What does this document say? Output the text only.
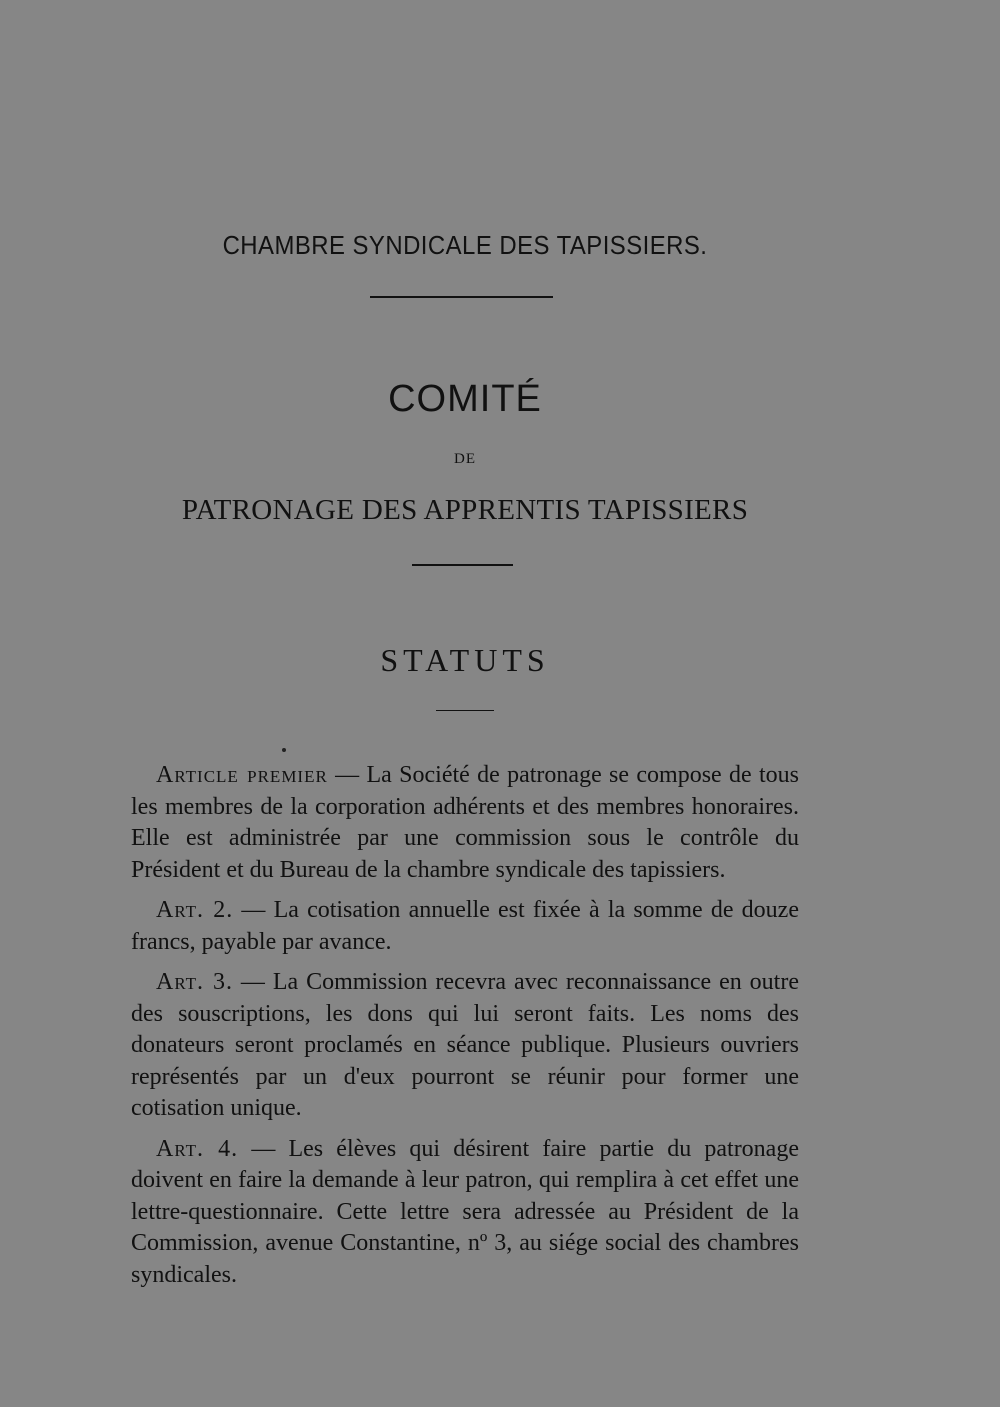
CHAMBRE SYNDICALE DES TAPISSIERS.
COMITÉ
DE
PATRONAGE DES APPRENTIS TAPISSIERS
STATUTS

Article premier — La Société de patronage se compose de tous les membres de la corporation adhérents et des membres honoraires. Elle est administrée par une commission sous le contrôle du Président et du Bureau de la chambre syndicale des tapissiers.

Art. 2. — La cotisation annuelle est fixée à la somme de douze francs, payable par avance.

Art. 3. — La Commission recevra avec reconnaissance en outre des souscriptions, les dons qui lui seront faits. Les noms des donateurs seront proclamés en séance publique. Plusieurs ouvriers représentés par un d'eux pourront se réunir pour former une cotisation unique.

Art. 4. — Les élèves qui désirent faire partie du patronage doivent en faire la demande à leur patron, qui remplira à cet effet une lettre-questionnaire. Cette lettre sera adressée au Président de la Commission, avenue Constantine, nº 3, au siége social des chambres syndicales.
